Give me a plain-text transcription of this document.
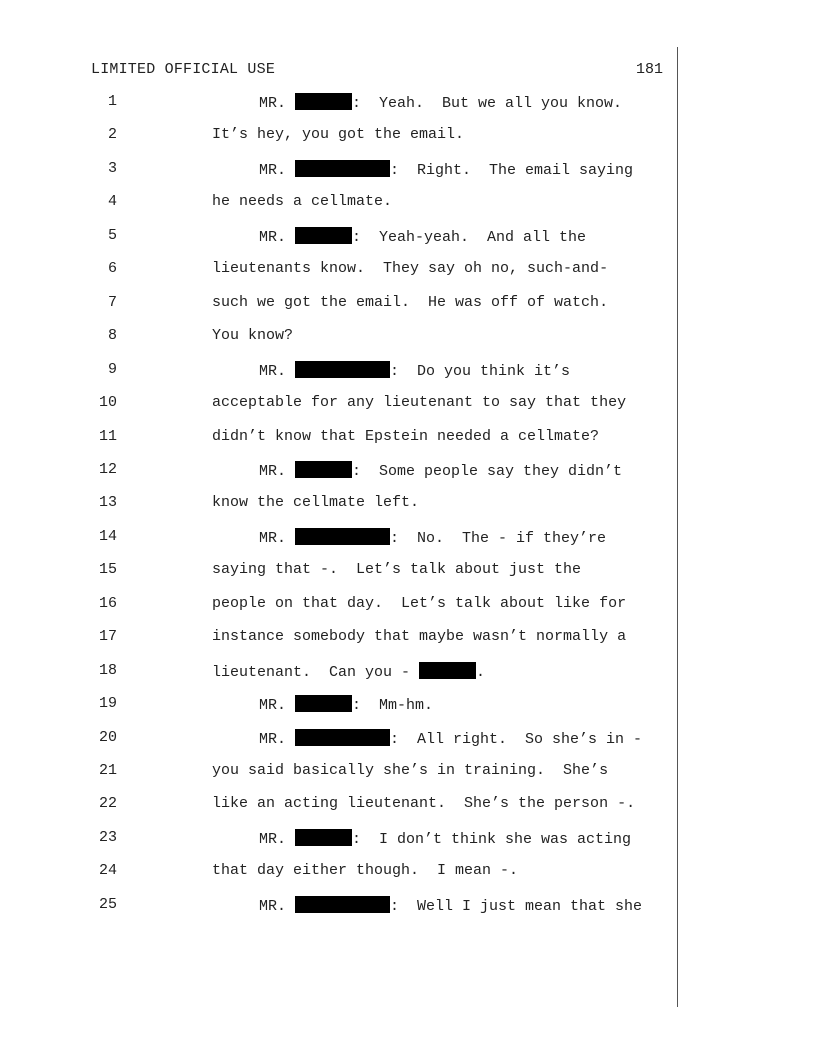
LIMITED OFFICIAL USE	181
1	MR.	:  Yeah.  But we all you know.
2	It’s hey, you got the email.
3	MR.	:  Right.  The email saying
4	he needs a cellmate.
5	MR.	:  Yeah-yeah.  And all the
6	lieutenants know.  They say oh no, such-and-
7	such we got the email.  He was off of watch.
8	You know?
9	MR.	:  Do you think it’s
10	acceptable for any lieutenant to say that they
11	didn’t know that Epstein needed a cellmate?
12	MR.	:  Some people say they didn’t
13	know the cellmate left.
14	MR.	:  No.  The - if they’re
15	saying that -.  Let’s talk about just the
16	people on that day.  Let’s talk about like for
17	instance somebody that maybe wasn’t normally a
18	lieutenant.  Can you -	.
19	MR.	:  Mm-hm.
20	MR.	:  All right.  So she’s in -
21	you said basically she’s in training.  She’s
22	like an acting lieutenant.  She’s the person -.
23	MR.	:  I don’t think she was acting
24	that day either though.  I mean -.
25	MR.	:  Well I just mean that she
